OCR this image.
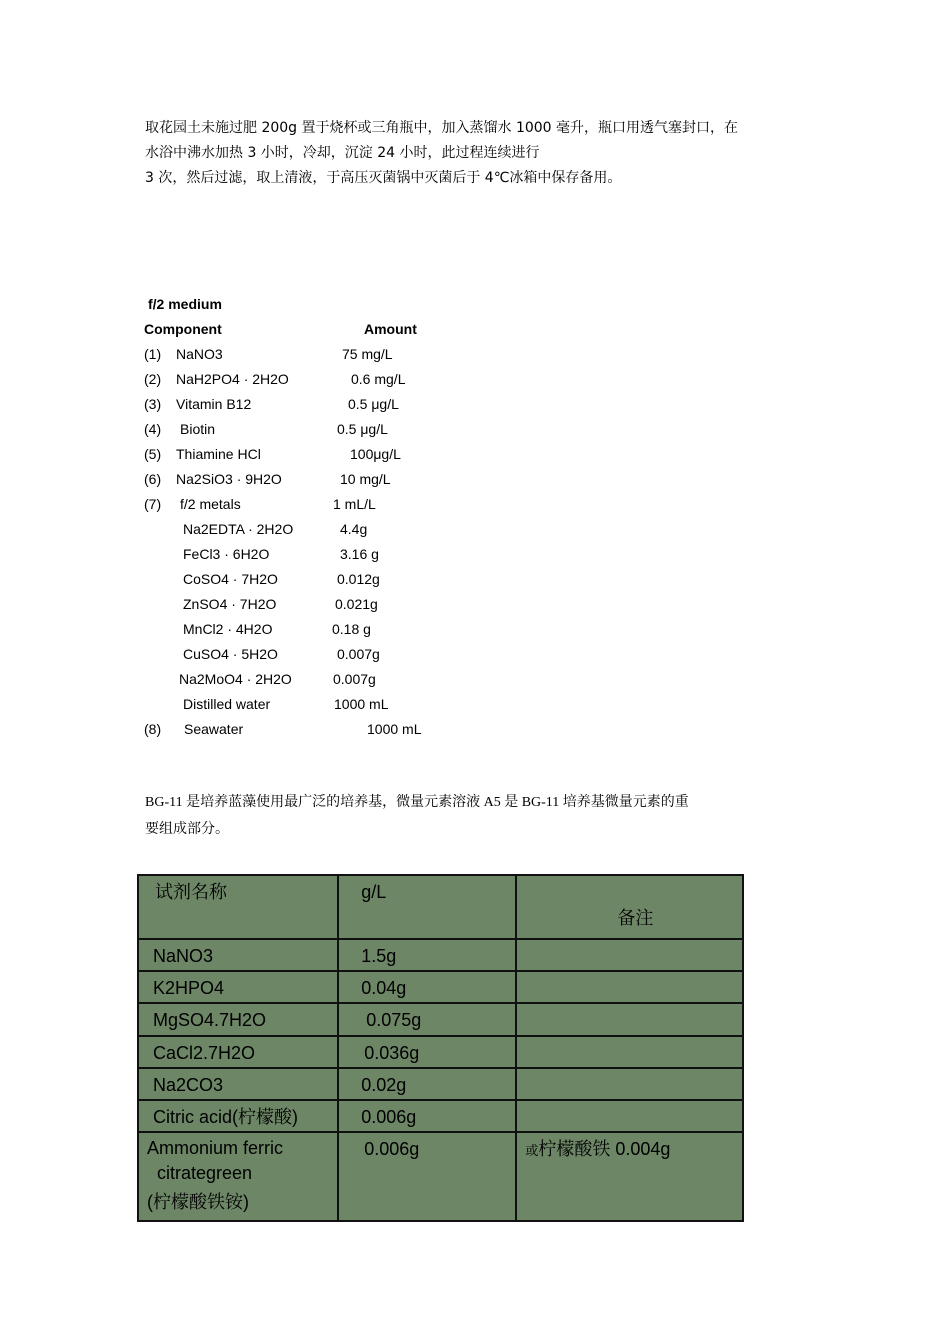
取花园土未施过肥 200g 置于烧杯或三角瓶中，加入蒸馏水 1000 毫升，瓶口用透气塞封口，在
水浴中沸水加热 3 小时，冷却，沉淀 24 小时，此过程连续进行
3 次，然后过滤，取上清液，于高压灭菌锅中灭菌后于 4℃冰箱中保存备用。
f/2 medium
Component	Amount
(1) NaNO3	75 mg/L
(2) NaH2PO4 · 2H2O	0.6 mg/L
(3) Vitamin B12	0.5 μg/L
(4) Biotin	0.5 μg/L
(5) Thiamine HCl	100μg/L
(6) Na2SiO3 · 9H2O	10 mg/L
(7) f/2 metals	1 mL/L
Na2EDTA · 2H2O	4.4g
FeCl3 · 6H2O	3.16 g
CoSO4 · 7H2O	0.012g
ZnSO4 · 7H2O	0.021g
MnCl2 · 4H2O	0.18 g
CuSO4 · 5H2O	0.007g
Na2MoO4 · 2H2O	0.007g
Distilled water	1000 mL
(8) Seawater	1000 mL
BG-11 是培养蓝藻使用最广泛的培养基，微量元素溶液 A5 是 BG-11 培养基微量元素的重
要组成部分。
试剂名称	g/L	备注

NaNO3	1.5g	

K2HPO4	0.04g	

MgSO4.7H2O	0.075g	

CaCl2.7H2O	0.036g	

Na2CO3	0.02g	

Citric acid(柠檬酸)	0.006g	

Ammonium ferric
citrategreen
(柠檬酸铁铵)	0.006g	或柠檬酸铁 0.004g
